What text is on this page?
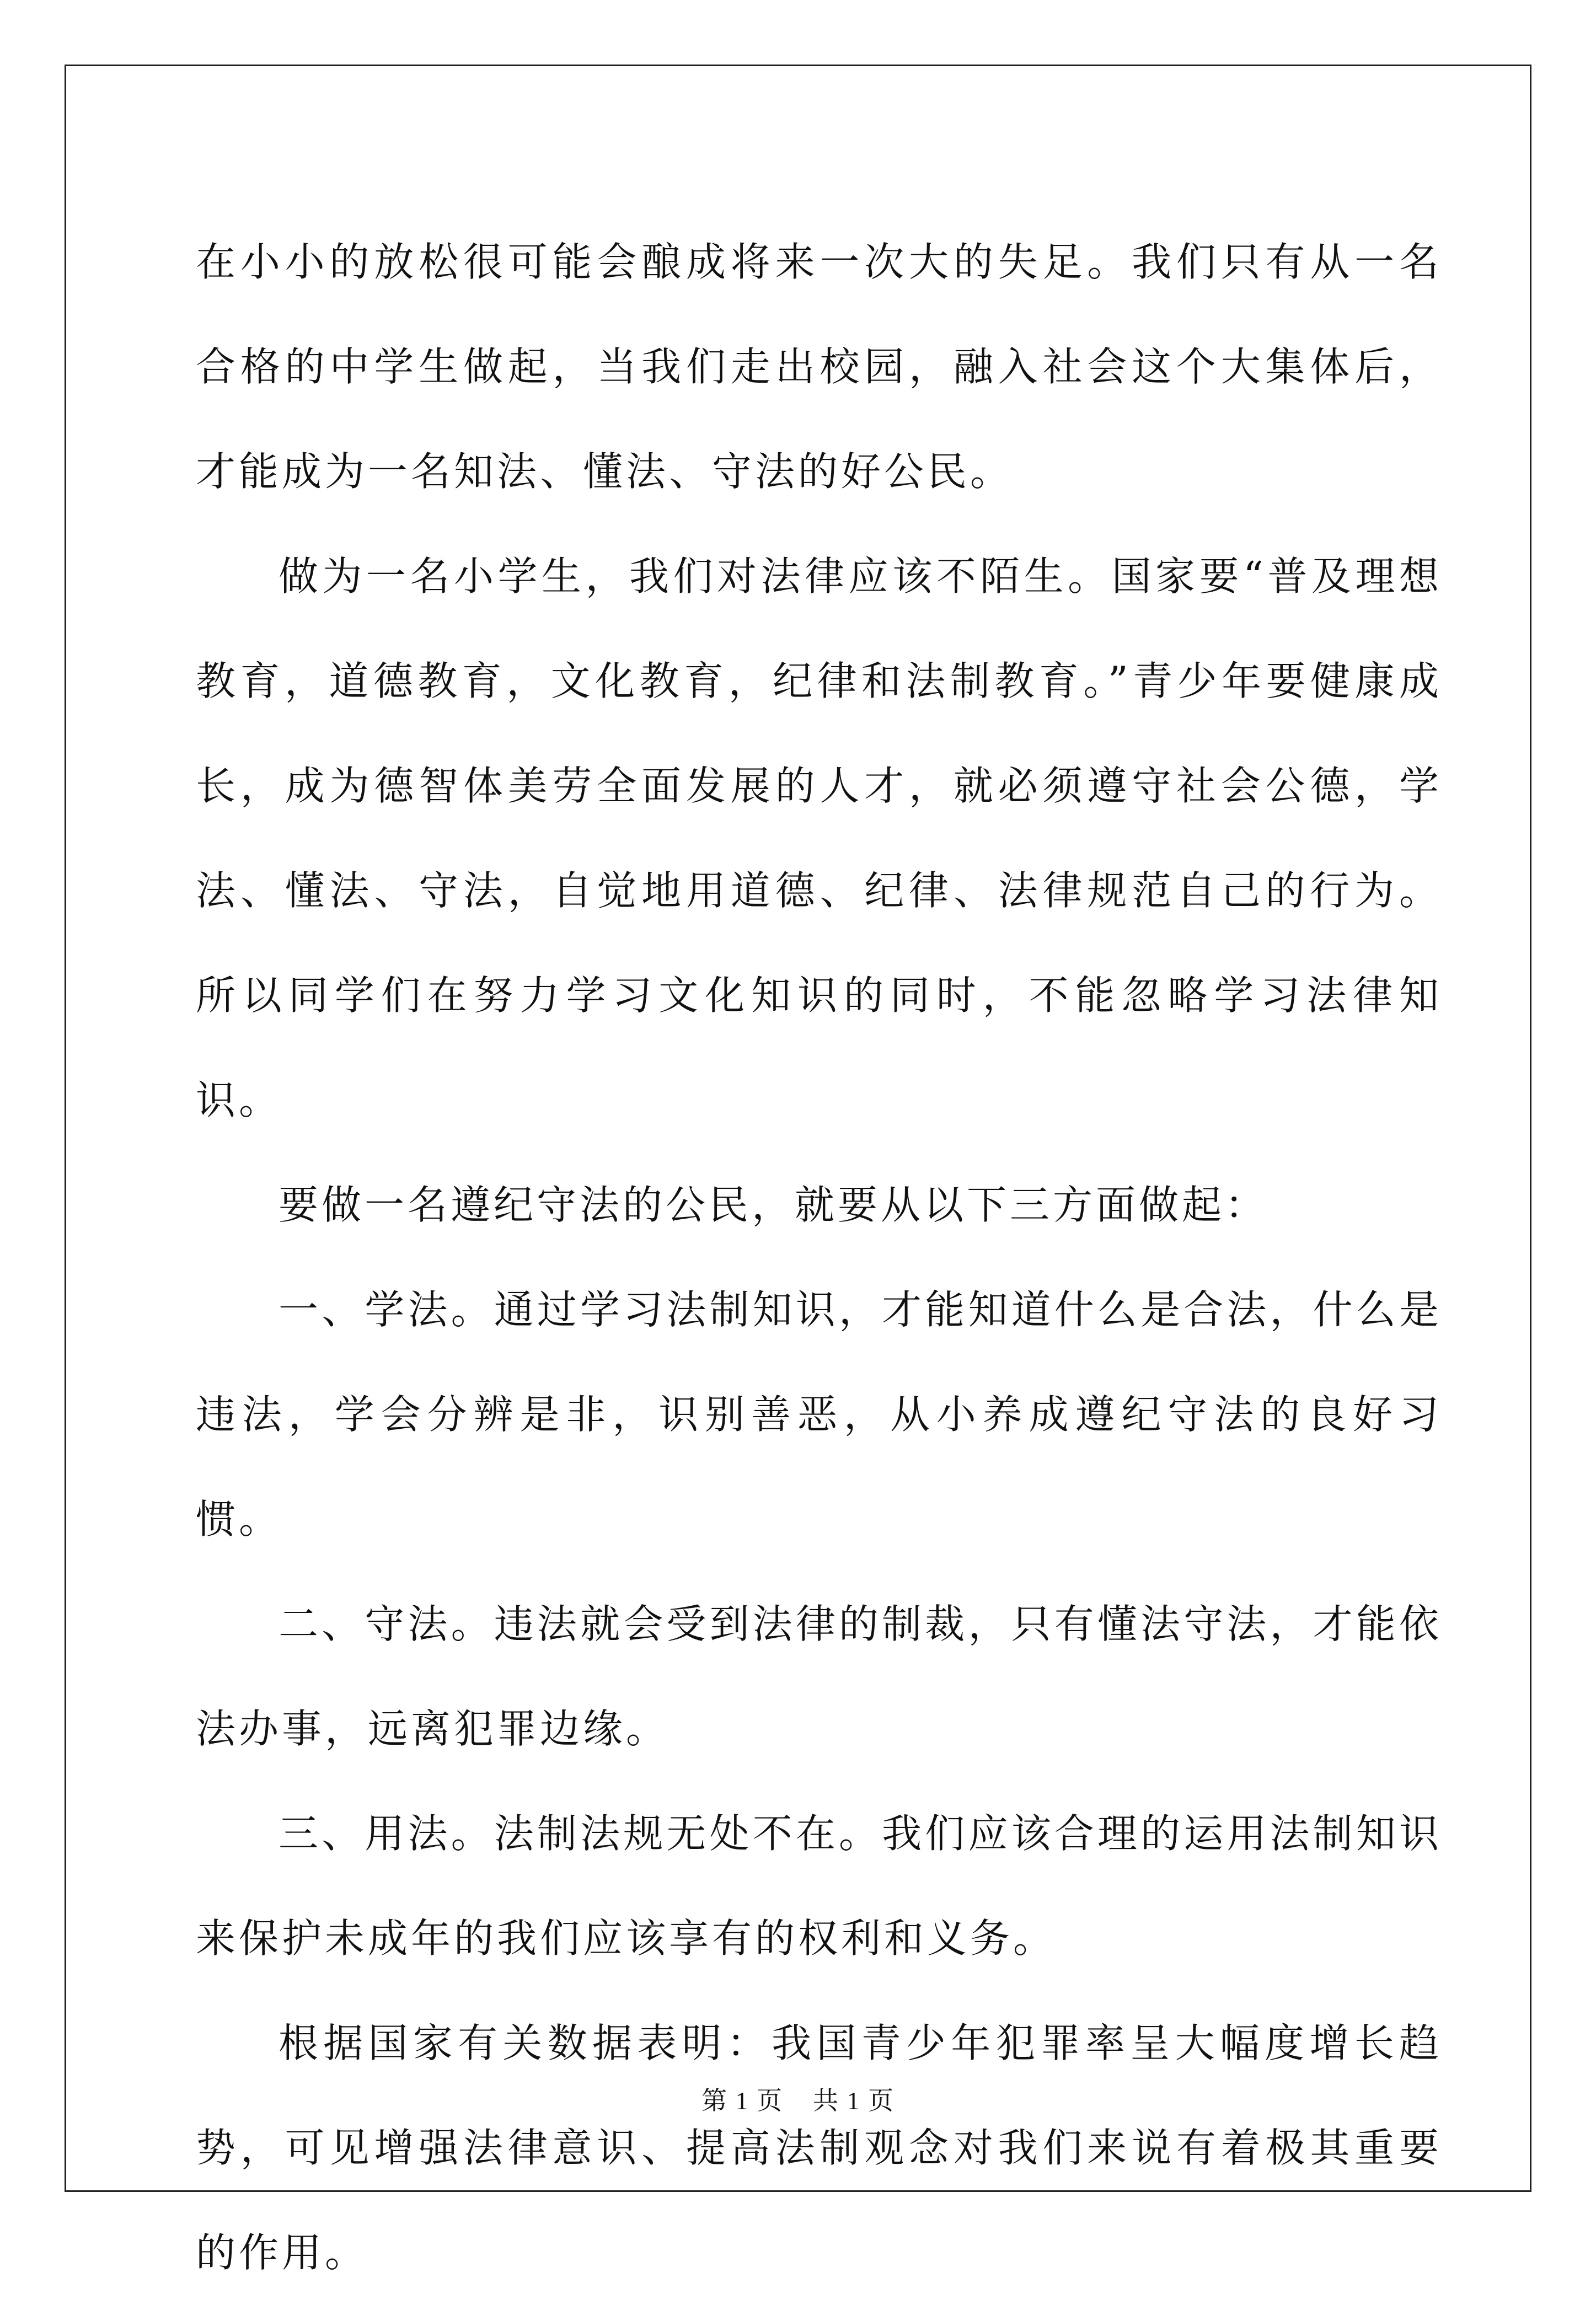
在小小的放松很可能会酿成将来一次大的失足。我们只有从一名合格的中学生做起，当我们走出校园，融入社会这个大集体后，才能成为一名知法、懂法、守法的好公民。

做为一名小学生，我们对法律应该不陌生。国家要“普及理想教育，道德教育，文化教育，纪律和法制教育。”青少年要健康成长，成为德智体美劳全面发展的人才，就必须遵守社会公德，学法、懂法、守法，自觉地用道德、纪律、法律规范自己的行为。所以同学们在努力学习文化知识的同时，不能忽略学习法律知识。

要做一名遵纪守法的公民，就要从以下三方面做起：

一、学法。通过学习法制知识，才能知道什么是合法，什么是违法，学会分辨是非，识别善恶，从小养成遵纪守法的良好习惯。

二、守法。违法就会受到法律的制裁，只有懂法守法，才能依法办事，远离犯罪边缘。

三、用法。法制法规无处不在。我们应该合理的运用法制知识来保护未成年的我们应该享有的权利和义务。

根据国家有关数据表明：我国青少年犯罪率呈大幅度增长趋势，可见增强法律意识、提高法制观念对我们来说有着极其重要的作用。

第 1 页 共 1 页
